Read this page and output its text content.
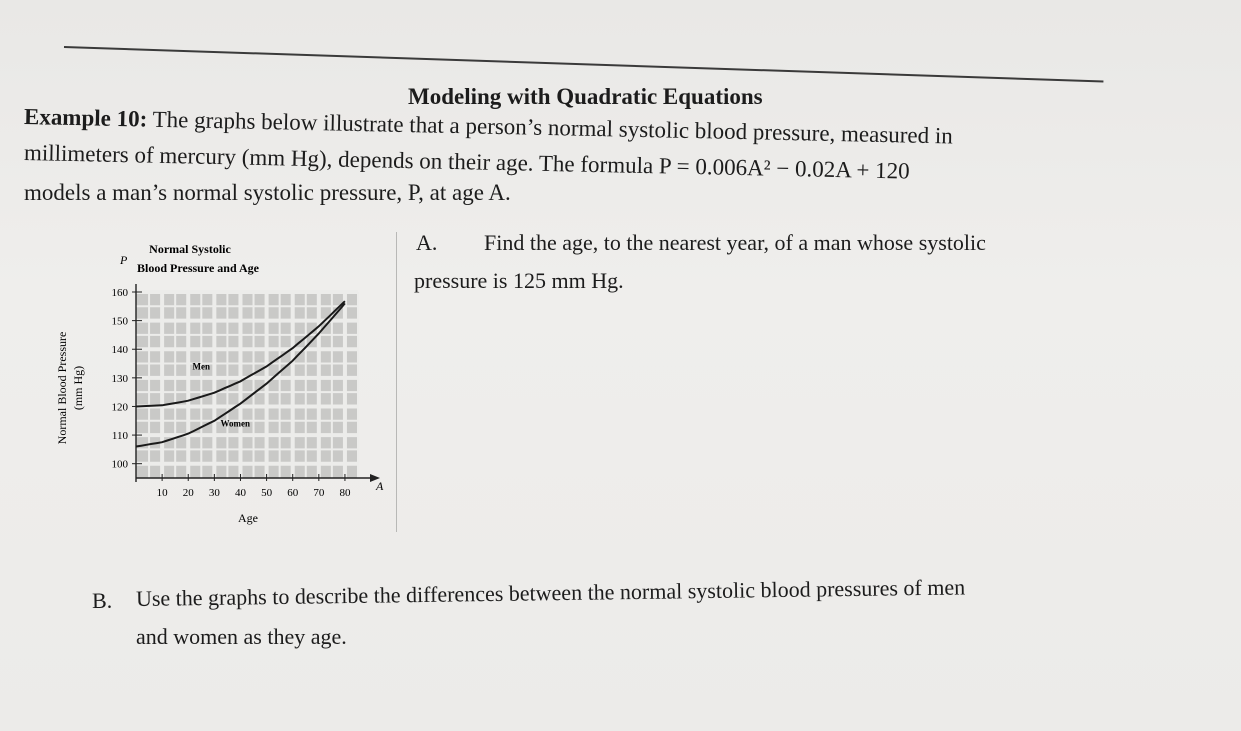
Modeling with Quadratic Equations
Example 10: The graphs below illustrate that a person’s normal systolic blood pressure, measured in
millimeters of mercury (mm Hg), depends on their age. The formula P = 0.006A² − 0.02A + 120
models a man’s normal systolic pressure, P, at age A.
A. Find the age, to the nearest year, of a man whose systolic
pressure is 125 mm Hg.
Normal Systolic
Blood Pressure and Age
P
A
Age
Normal Blood Pressure (mm Hg)
100
110
120
130
140
150
160
10 20 30 40 50 60 70 80
Men
Women
B. Use the graphs to describe the differences between the normal systolic blood pressures of men
and women as they age.
